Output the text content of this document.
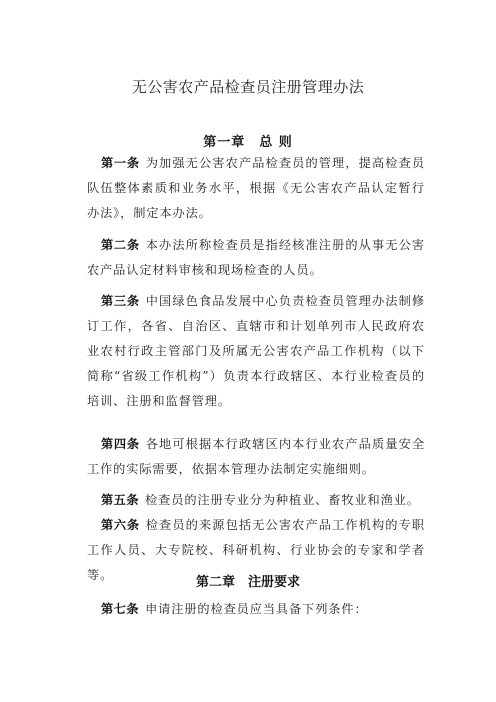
无公害农产品检查员注册管理办法
第一章　总 则

第一条 为加强无公害农产品检查员的管理，提高检查员队伍整体素质和业务水平，根据《无公害农产品认定暂行办法》，制定本办法。

第二条 本办法所称检查员是指经核准注册的从事无公害农产品认定材料审核和现场检查的人员。

第三条 中国绿色食品发展中心负责检查员管理办法制修订工作，各省、自治区、直辖市和计划单列市人民政府农业农村行政主管部门及所属无公害农产品工作机构（以下简称“省级工作机构”）负责本行政辖区、本行业检查员的培训、注册和监督管理。

第四条 各地可根据本行政辖区内本行业农产品质量安全工作的实际需要，依据本管理办法制定实施细则。

第五条 检查员的注册专业分为种植业、畜牧业和渔业。

第六条 检查员的来源包括无公害农产品工作机构的专职工作人员、大专院校、科研机构、行业协会的专家和学者等。	第二章　注册要求

第七条 申请注册的检查员应当具备下列条件：
